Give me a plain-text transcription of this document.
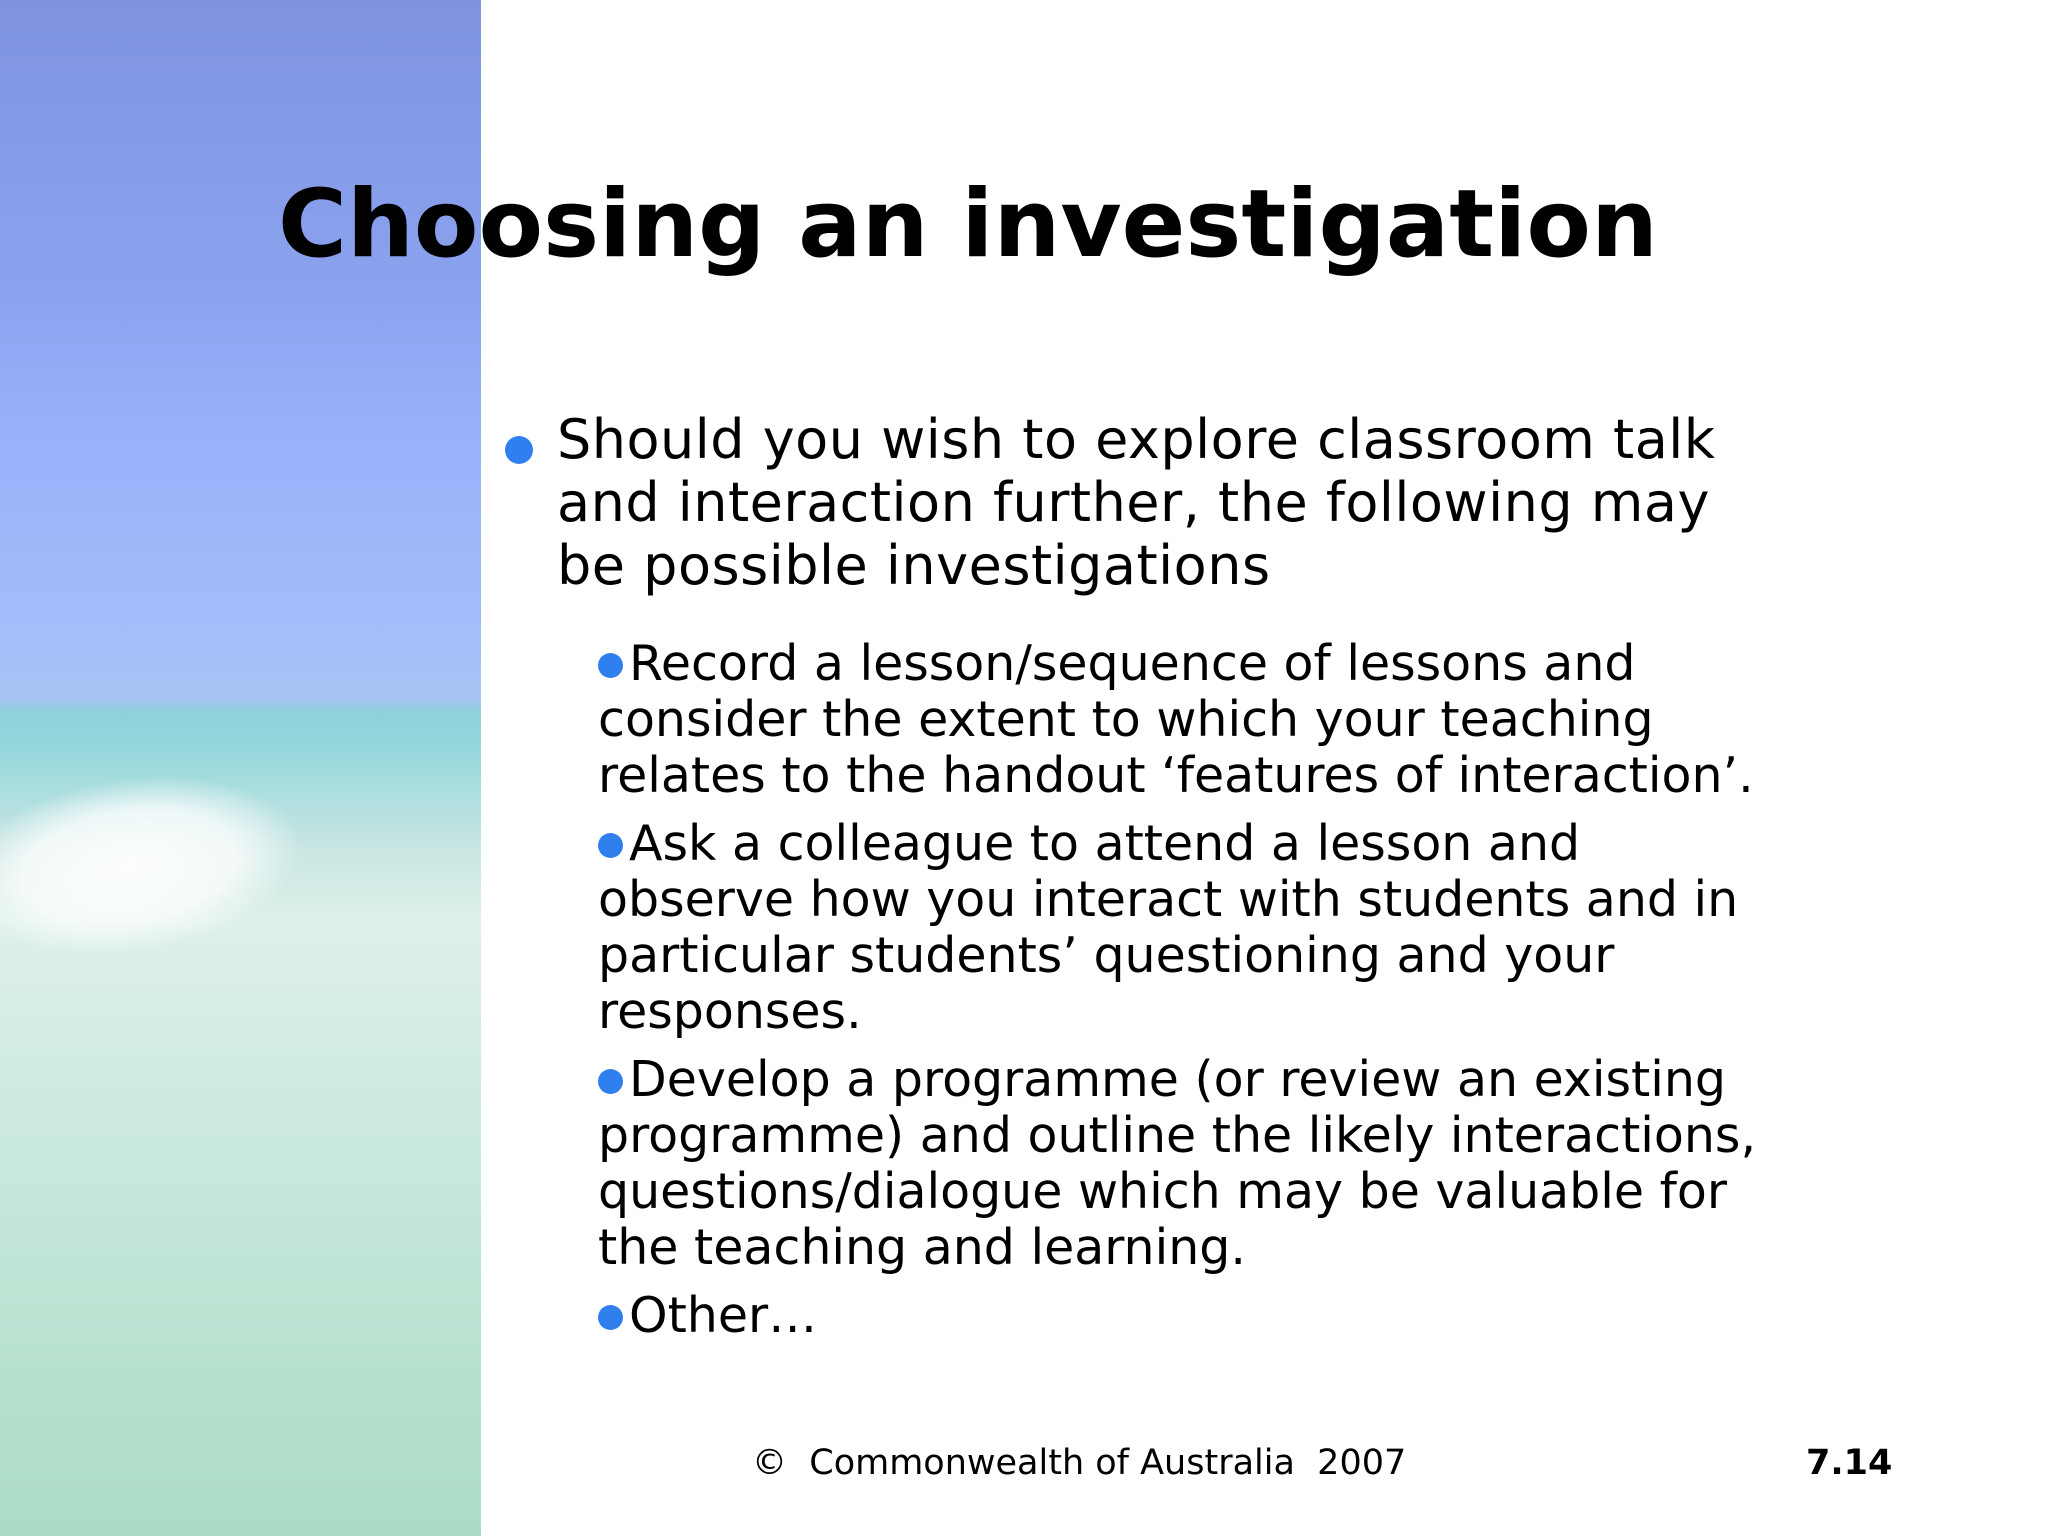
Choosing an investigation
Should you wish to explore classroom talk
and interaction further, the following may
be possible investigations
Record a lesson/sequence of lessons and
consider the extent to which your teaching
relates to the handout ‘features of interaction’.
Ask a colleague to attend a lesson and
observe how you interact with students and in
particular students’ questioning and your
responses.
Develop a programme (or review an existing
programme) and outline the likely interactions,
questions/dialogue which may be valuable for
the teaching and learning.
Other…
©  Commonwealth of Australia  2007	7.14
